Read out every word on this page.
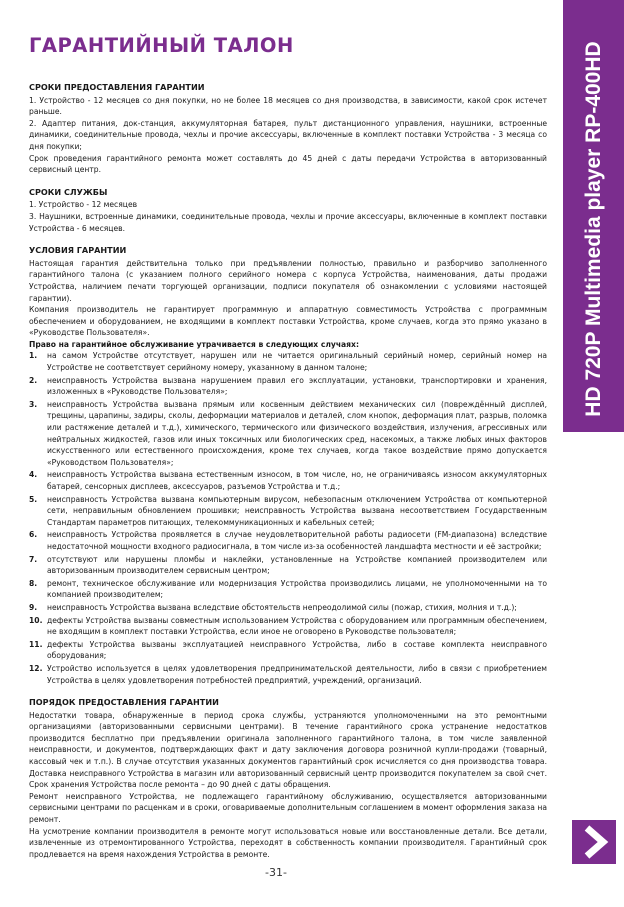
ГАРАНТИЙНЫЙ ТАЛОН
СРОКИ ПРЕДОСТАВЛЕНИЯ ГАРАНТИИ

1. Устройство - 12 месяцев со дня покупки, но не более 18 месяцев со дня производства, в зависимости, какой срок истечет раньше.

2. Адаптер питания, док-станция, аккумуляторная батарея, пульт дистанционного управления, наушники, встроенные динамики, соединительные провода, чехлы и прочие аксессуары, включенные в комплект поставки Устройства - 3 месяца со дня покупки;

Срок проведения гарантийного ремонта может составлять до 45 дней с даты передачи Устройства в авторизованный сервисный центр.

СРОКИ СЛУЖБЫ

1. Устройство - 12 месяцев

3. Наушники, встроенные динамики, соединительные провода, чехлы и прочие аксессуары, включенные в комплект поставки Устройства - 6 месяцев.

УСЛОВИЯ ГАРАНТИИ

Настоящая гарантия действительна только при предъявлении полностью, правильно и разборчиво заполненного гарантийного талона (с указанием полного серийного номера с корпуса Устройства, наименования, даты продажи Устройства, наличием печати торгующей организации, подписи покупателя об ознакомлении с условиями настоящей гарантии).

Компания производитель не гарантирует программную и аппаратную совместимость Устройства с программным обеспечением и оборудованием, не входящими в комплект поставки Устройства, кроме случаев, когда это прямо указано в «Руководстве Пользователя».

Право на гарантийное обслуживание утрачивается в следующих случаях:

1. на самом Устройстве отсутствует, нарушен или не читается оригинальный серийный номер, серийный номер на Устройстве не соответствует серийному номеру, указанному в данном талоне;
2. неисправность Устройства вызвана нарушением правил его эксплуатации, установки, транспортировки и хранения, изложенных в «Руководстве Пользователя»;
3. неисправность Устройства вызвана прямым или косвенным действием механических сил (повреждённый дисплей, трещины, царапины, задиры, сколы, деформации материалов и деталей, слом кнопок, деформация плат, разрыв, поломка или растяжение деталей и т.д.), химического, термического или физического воздействия, излучения, агрессивных или нейтральных жидкостей, газов или иных токсичных или биологических сред, насекомых, а также любых иных факторов искусственного или естественного происхождения, кроме тех случаев, когда такое воздействие прямо допускается «Руководством Пользователя»;
4. неисправность Устройства вызвана естественным износом, в том числе, но, не ограничиваясь износом аккумуляторных батарей, сенсорных дисплеев, аксессуаров, разъемов Устройства и т.д.;
5. неисправность Устройства вызвана компьютерным вирусом, небезопасным отключением Устройства от компьютерной сети, неправильным обновлением прошивки; неисправность Устройства вызвана несоответствием Государственным Стандартам параметров питающих, телекоммуникационных и кабельных сетей;
6. неисправность Устройства проявляется в случае неудовлетворительной работы радиосети (FM-диапазона) вследствие недостаточной мощности входного радиосигнала, в том числе из-за особенностей ландшафта местности и её застройки;
7. отсутствуют или нарушены пломбы и наклейки, установленные на Устройстве компанией производителем или авторизованным производителем сервисным центром;
8. ремонт, техническое обслуживание или модернизация Устройства производились лицами, не уполномоченными на то компанией производителем;
9. неисправность Устройства вызвана вследствие обстоятельств непреодолимой силы (пожар, стихия, молния и т.д.);
10. дефекты Устройства вызваны совместным использованием Устройства с оборудованием или программным обеспечением, не входящим в комплект поставки Устройства, если иное не оговорено в Руководстве пользователя;
11. дефекты Устройства вызваны эксплуатацией неисправного Устройства, либо в составе комплекта неисправного оборудования;
12. Устройство используется в целях удовлетворения предпринимательской деятельности, либо в связи с приобретением Устройства в целях удовлетворения потребностей предприятий, учреждений, организаций.
ПОРЯДОК ПРЕДОСТАВЛЕНИЯ ГАРАНТИИ

Недостатки товара, обнаруженные в период срока службы, устраняются уполномоченными на это ремонтными организациями (авторизованными сервисными центрами). В течение гарантийного срока устранение недостатков производится бесплатно при предъявлении оригинала заполненного гарантийного талона, в том числе заявленной неисправности, и документов, подтверждающих факт и дату заключения договора розничной купли-продажи (товарный, кассовый чек и т.п.). В случае отсутствия указанных документов гарантийный срок исчисляется со дня производства товара. Доставка неисправного Устройства в магазин или авторизованный сервисный центр производится покупателем за свой счет. Срок хранения Устройства после ремонта – до 90 дней с даты обращения.

Ремонт неисправного Устройства, не подлежащего гарантийному обслуживанию, осуществляется авторизованными сервисными центрами по расценкам и в сроки, оговариваемые дополнительным соглашением в момент оформления заказа на ремонт.

На усмотрение компании производителя в ремонте могут использоваться новые или восстановленные детали. Все детали, извлеченные из отремонтированного Устройства, переходят в собственность компании производителя. Гарантийный срок продлевается на время нахождения Устройства в ремонте.

HD 720P Multimedia player RP-400HD
-31-
